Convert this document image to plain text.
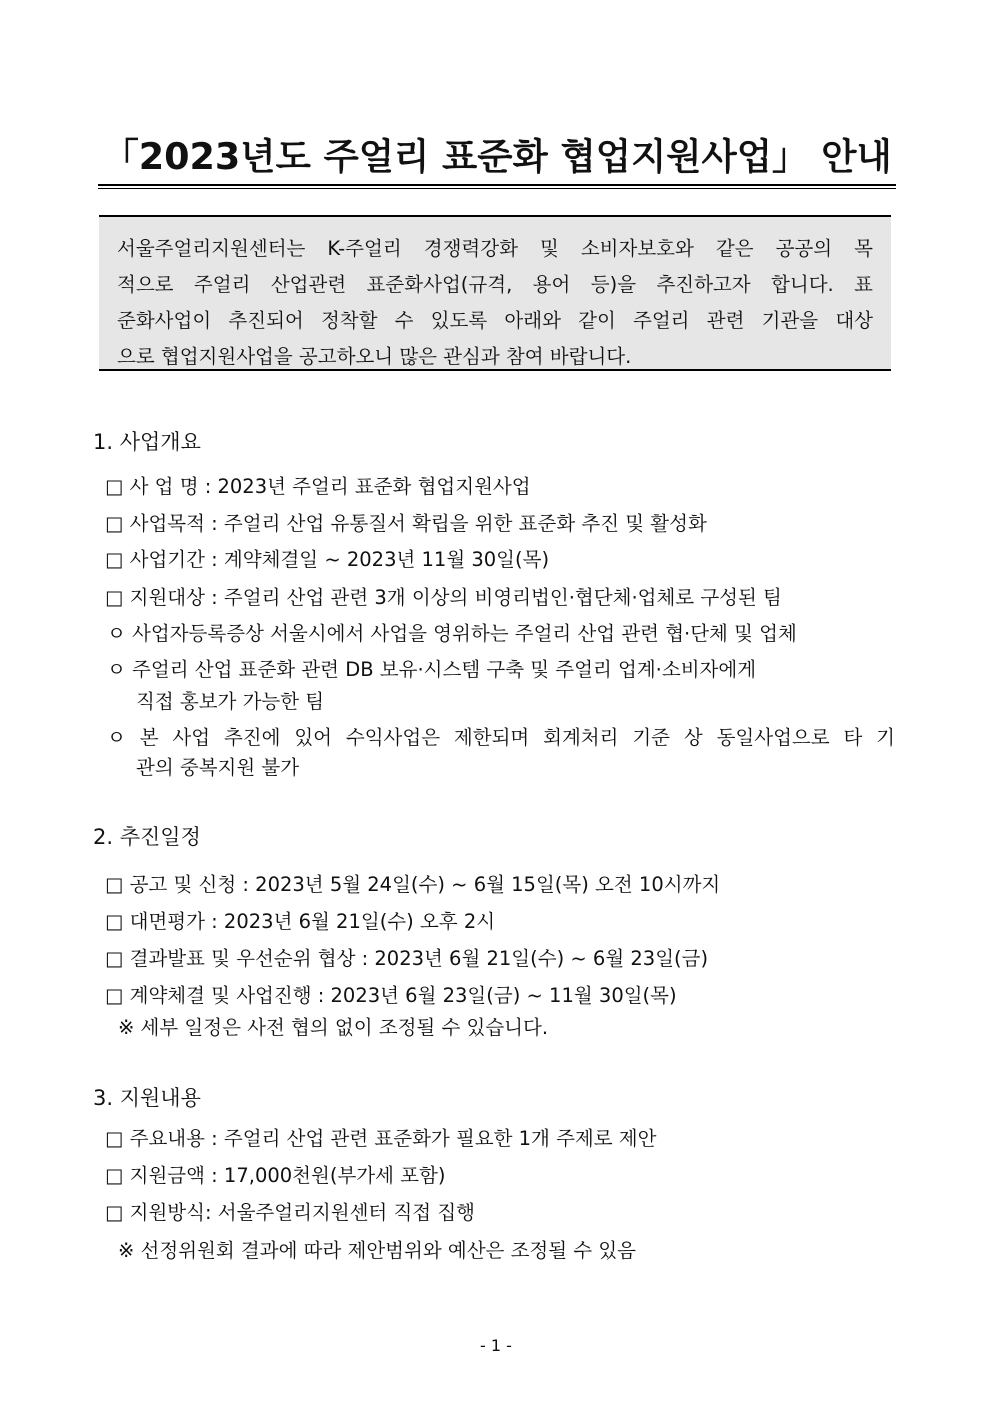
「2023년도 주얼리 표준화 협업지원사업」 안내
서울주얼리지원센터는 K-주얼리 경쟁력강화 및 소비자보호와 같은 공공의 목
적으로 주얼리 산업관련 표준화사업(규격, 용어 등)을 추진하고자 합니다. 표
준화사업이 추진되어 정착할 수 있도록 아래와 같이 주얼리 관련 기관을 대상
으로 협업지원사업을 공고하오니 많은 관심과 참여 바랍니다.
1. 사업개요
□ 사 업 명 : 2023년 주얼리 표준화 협업지원사업
□ 사업목적 : 주얼리 산업 유통질서 확립을 위한 표준화 추진 및 활성화
□ 사업기간 : 계약체결일 ~ 2023년 11월 30일(목)
□ 지원대상 : 주얼리 산업 관련 3개 이상의 비영리법인·협단체·업체로 구성된 팀
ㅇ 사업자등록증상 서울시에서 사업을 영위하는 주얼리 산업 관련 협·단체 및 업체
ㅇ 주얼리 산업 표준화 관련 DB 보유·시스템 구축 및 주얼리 업계·소비자에게
직접 홍보가 가능한 팀
ㅇ 본 사업 추진에 있어 수익사업은 제한되며 회계처리 기준 상 동일사업으로 타 기
관의 중복지원 불가
2. 추진일정
□ 공고 및 신청 : 2023년 5월 24일(수) ~ 6월 15일(목) 오전 10시까지
□ 대면평가 : 2023년 6월 21일(수) 오후 2시
□ 결과발표 및 우선순위 협상 : 2023년 6월 21일(수) ~ 6월 23일(금)
□ 계약체결 및 사업진행 : 2023년 6월 23일(금) ~ 11월 30일(목)
※ 세부 일정은 사전 협의 없이 조정될 수 있습니다.
3. 지원내용
□ 주요내용 : 주얼리 산업 관련 표준화가 필요한 1개 주제로 제안
□ 지원금액 : 17,000천원(부가세 포함)
□ 지원방식: 서울주얼리지원센터 직접 집행
※ 선정위원회 결과에 따라 제안범위와 예산은 조정될 수 있음
- 1 -
